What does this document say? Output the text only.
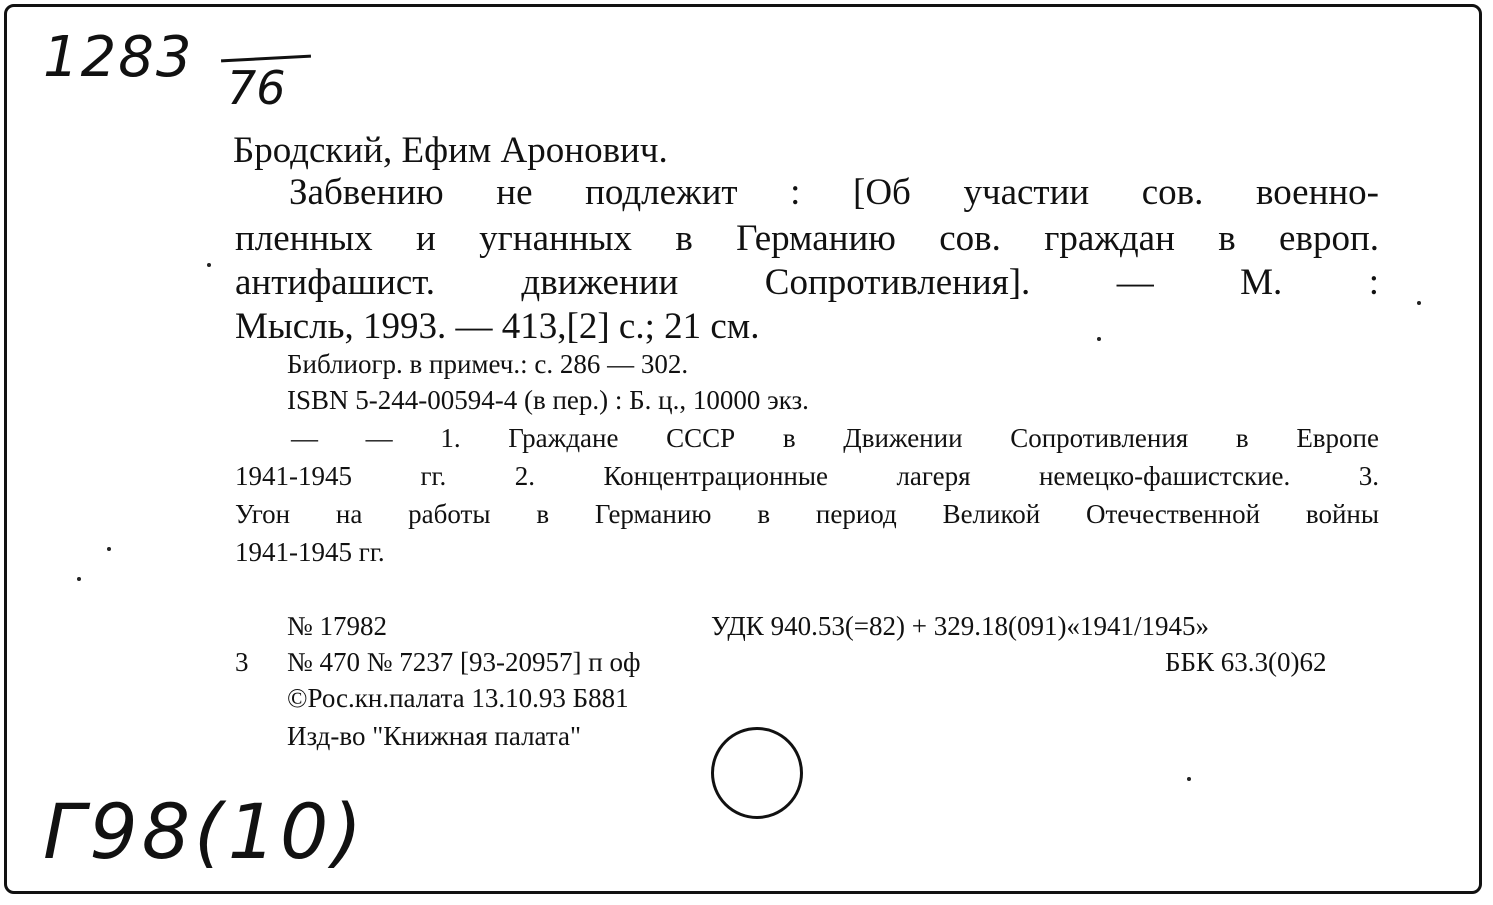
1283 76
Бродский, Ефим Аронович.
Забвению не подлежит : [Об участии сов. военно-
пленных и угнанных в Германию сов. граждан в европ.
антифашист. движении Сопротивления]. — М. :
Мысль, 1993. — 413,[2] с.; 21 см.
Библиогр. в примеч.: с. 286 — 302.
ISBN 5-244-00594-4 (в пер.) : Б. ц., 10000 экз.
— — 1. Граждане СССР в Движении Сопротивления в Европе
1941-1945 гг. 2. Концентрационные лагеря немецко-фашистские. 3.
Угон на работы в Германию в период Великой Отечественной войны
1941-1945 гг.
№ 17982	УДК 940.53(=82) + 329.18(091)«1941/1945»
3 № 470 № 7237 [93-20957] п оф	ББК 63.3(0)62
©Рос.кн.палата 13.10.93 Б881
Изд-во "Книжная палата"
Г98(10)
